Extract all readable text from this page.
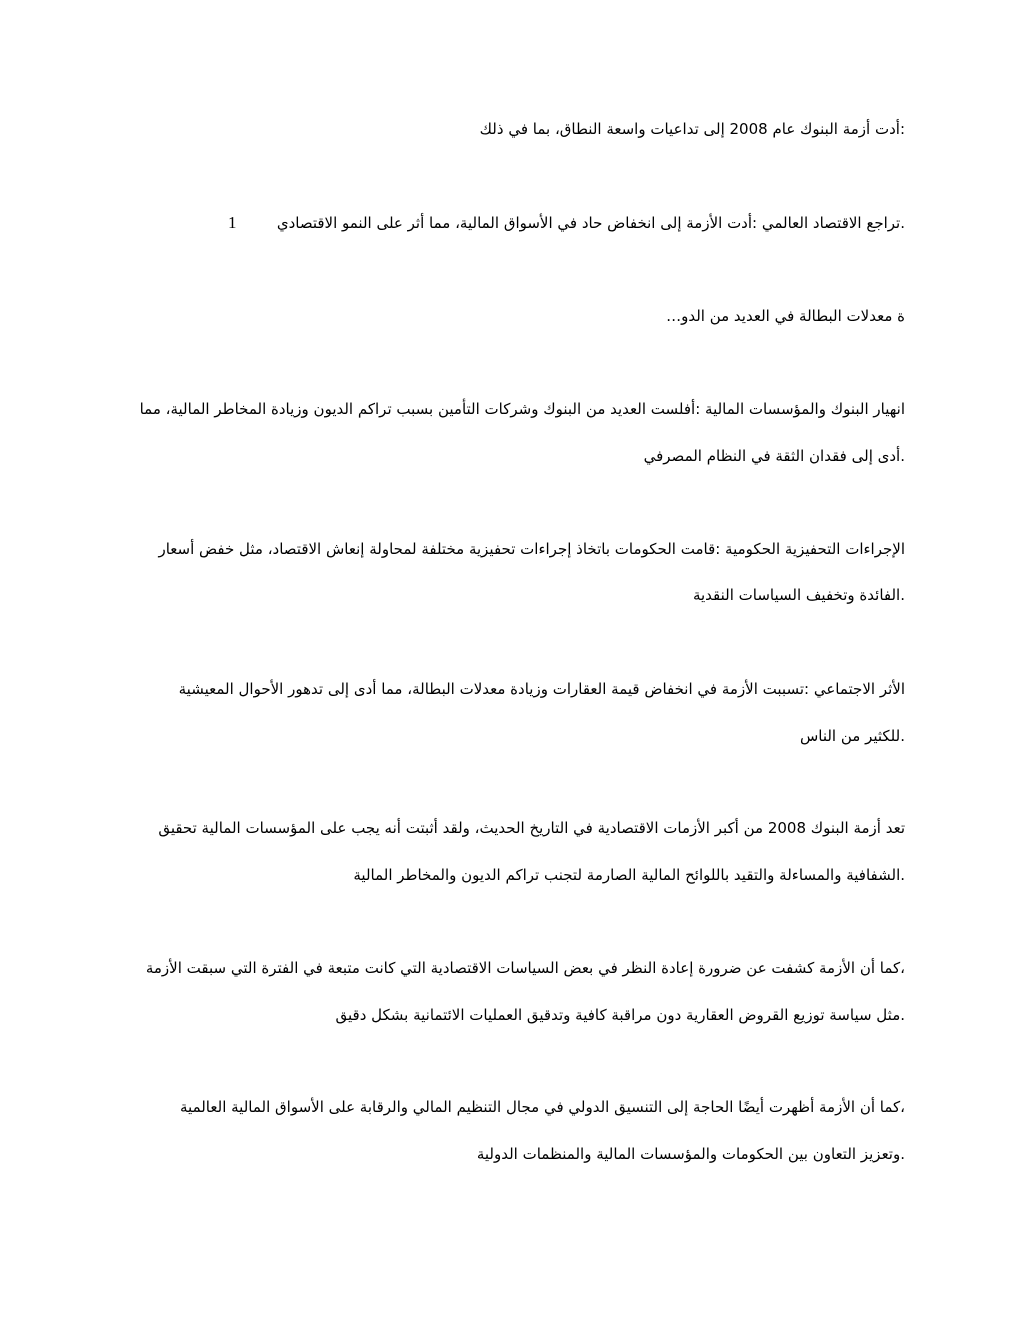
:أدت أزمة البنوك عام 2008 إلى تداعيات واسعة النطاق، بما في ذلك
.تراجع الاقتصاد العالمي :أدت الأزمة إلى انخفاض حاد في الأسواق المالية، مما أثر على النمو الاقتصادي
1
ة معدلات البطالة في العديد من الدو…
انهيار البنوك والمؤسسات المالية :أفلست العديد من البنوك وشركات التأمين بسبب تراكم الديون وزيادة المخاطر المالية، مما
.أدى إلى فقدان الثقة في النظام المصرفي
الإجراءات التحفيزية الحكومية :قامت الحكومات باتخاذ إجراءات تحفيزية مختلفة لمحاولة إنعاش الاقتصاد، مثل خفض أسعار
.الفائدة وتخفيف السياسات النقدية
الأثر الاجتماعي :تسببت الأزمة في انخفاض قيمة العقارات وزيادة معدلات البطالة، مما أدى إلى تدهور الأحوال المعيشية
.للكثير من الناس
تعد أزمة البنوك 2008 من أكبر الأزمات الاقتصادية في التاريخ الحديث، ولقد أثبتت أنه يجب على المؤسسات المالية تحقيق
.الشفافية والمساءلة والتقيد باللوائح المالية الصارمة لتجنب تراكم الديون والمخاطر المالية
،كما أن الأزمة كشفت عن ضرورة إعادة النظر في بعض السياسات الاقتصادية التي كانت متبعة في الفترة التي سبقت الأزمة
.مثل سياسة توزيع القروض العقارية دون مراقبة كافية وتدقيق العمليات الائتمانية بشكل دقيق
،كما أن الأزمة أظهرت أيضًا الحاجة إلى التنسيق الدولي في مجال التنظيم المالي والرقابة على الأسواق المالية العالمية
.وتعزيز التعاون بين الحكومات والمؤسسات المالية والمنظمات الدولية
